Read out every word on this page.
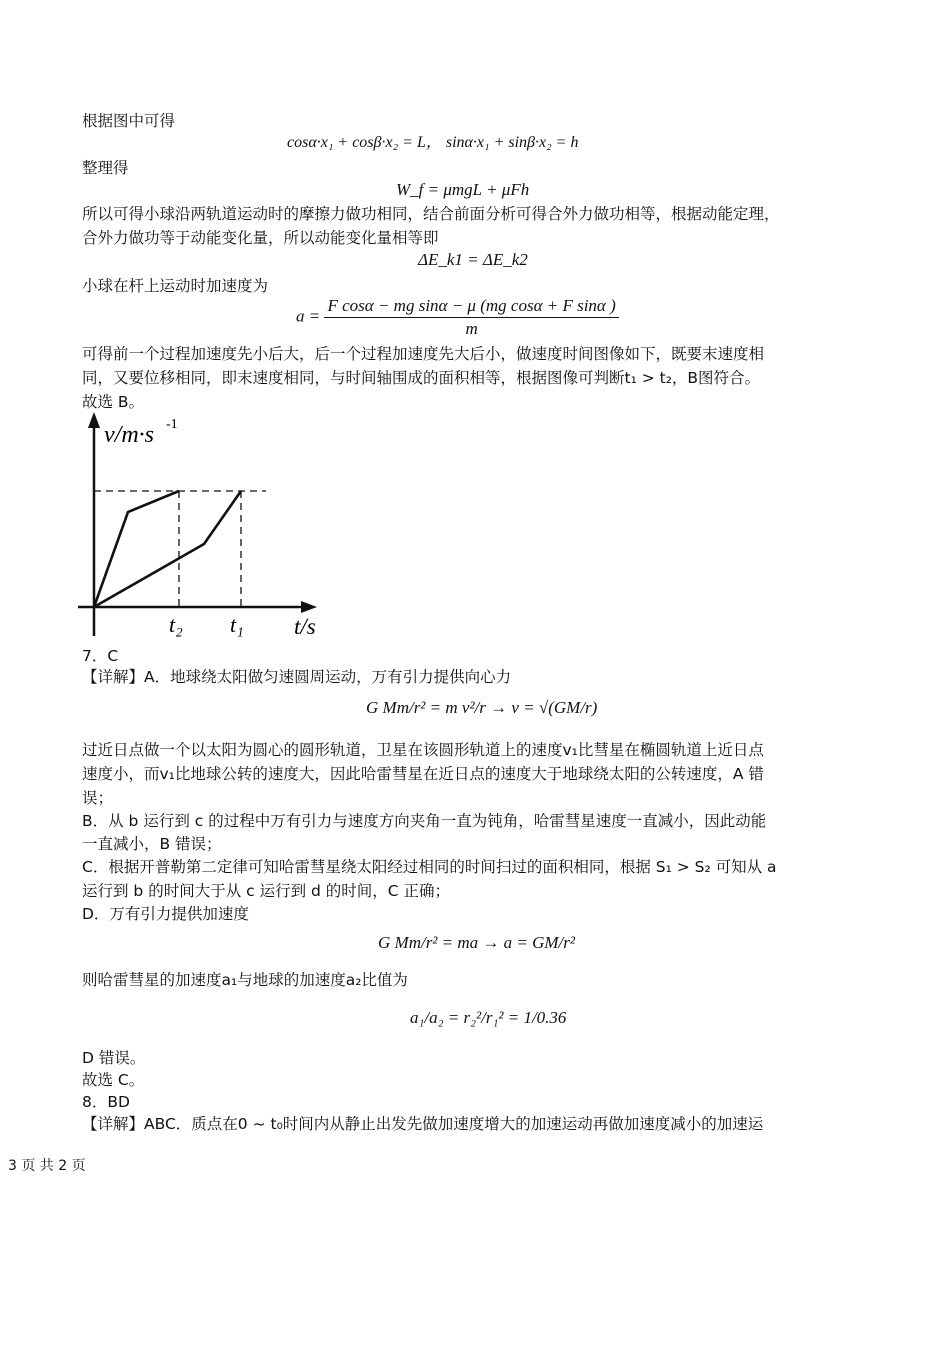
根据图中可得
cosα·x₁ + cosβ·x₂ = L， sinα·x₁ + sinβ·x₂ = h
整理得
W_f = μmgL + μFh
所以可得小球沿两轨道运动时的摩擦力做功相同，结合前面分析可得合外力做功相等，根据动能定理，
合外力做功等于动能变化量，所以动能变化量相等即
ΔE_k1 = ΔE_k2
小球在杆上运动时加速度为
$a = \frac{\text{F cosα − mg sinα − μ (mg cosα + F sinα )}}{m}$
可得前一个过程加速度先小后大，后一个过程加速度先大后小，做速度时间图像如下，既要末速度相
同，又要位移相同，即末速度相同，与时间轴围成的面积相等，根据图像可判断t₁ > t₂，B图符合。
故选 B。
v/m·s -1
t₂ t₁ t/s
7．C
【详解】A．地球绕太阳做匀速圆周运动，万有引力提供向心力
G Mm/r² = m v²/r → v = √(GM/r)
过近日点做一个以太阳为圆心的圆形轨道，卫星在该圆形轨道上的速度v₁比彗星在椭圆轨道上近日点
速度小，而v₁比地球公转的速度大，因此哈雷彗星在近日点的速度大于地球绕太阳的公转速度，A 错
误；
B．从 b 运行到 c 的过程中万有引力与速度方向夹角一直为钝角，哈雷彗星速度一直减小，因此动能
一直减小，B 错误；
C．根据开普勒第二定律可知哈雷彗星绕太阳经过相同的时间扫过的面积相同，根据 S₁ > S₂ 可知从 a
运行到 b 的时间大于从 c 运行到 d 的时间，C 正确；
D．万有引力提供加速度
G Mm/r² = ma → a = GM/r²
则哈雷彗星的加速度a₁与地球的加速度a₂比值为
a₁/a₂ = r₂²/r₁² = 1/0.36
D 错误。
故选 C。
8．BD
【详解】ABC．质点在0 ~ t₀时间内从静止出发先做加速度增大的加速运动再做加速度减小的加速运
3 页 共 2 页
